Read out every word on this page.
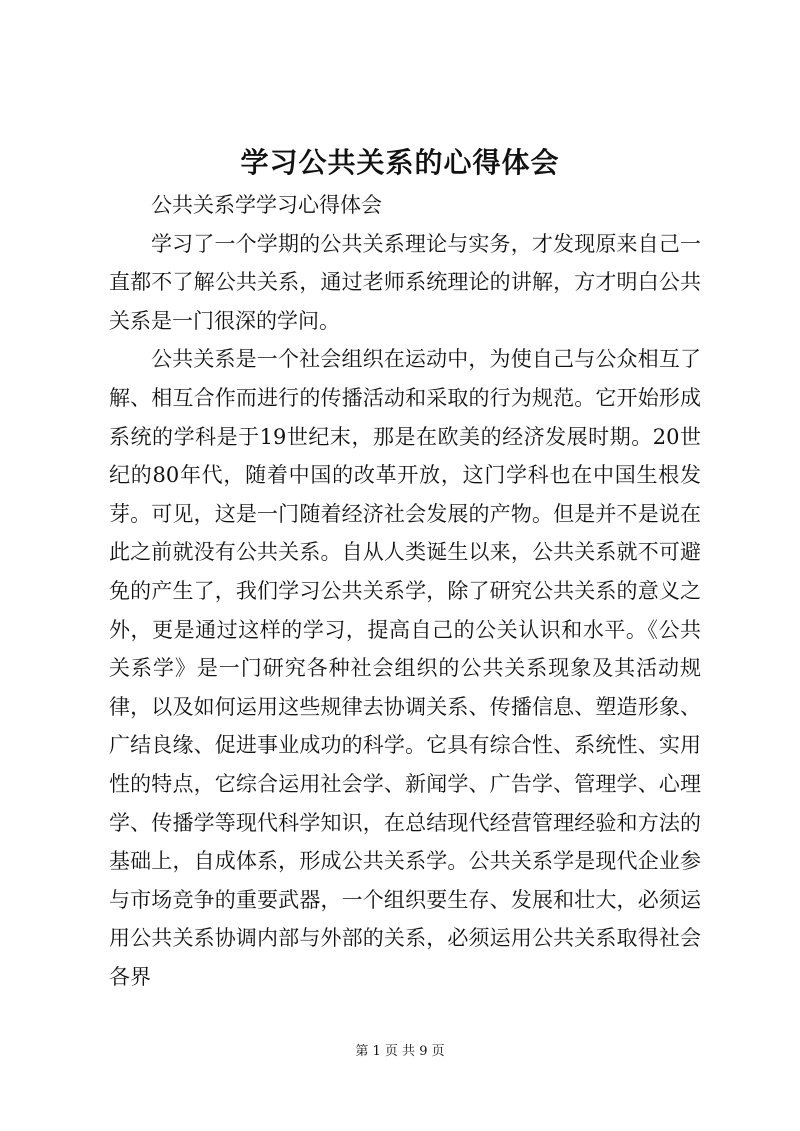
学习公共关系的心得体会

公共关系学学习心得体会

学习了一个学期的公共关系理论与实务，才发现原来自己一直都不了解公共关系，通过老师系统理论的讲解，方才明白公共关系是一门很深的学问。

公共关系是一个社会组织在运动中，为使自己与公众相互了解、相互合作而进行的传播活动和采取的行为规范。它开始形成系统的学科是于19世纪末，那是在欧美的经济发展时期。20世纪的80年代，随着中国的改革开放，这门学科也在中国生根发芽。可见，这是一门随着经济社会发展的产物。但是并不是说在此之前就没有公共关系。自从人类诞生以来，公共关系就不可避免的产生了，我们学习公共关系学，除了研究公共关系的意义之外，更是通过这样的学习，提高自己的公关认识和水平。《公共关系学》是一门研究各种社会组织的公共关系现象及其活动规律，以及如何运用这些规律去协调关系、传播信息、塑造形象、广结良缘、促进事业成功的科学。它具有综合性、系统性、实用性的特点，它综合运用社会学、新闻学、广告学、管理学、心理学、传播学等现代科学知识，在总结现代经营管理经验和方法的基础上，自成体系，形成公共关系学。公共关系学是现代企业参与市场竞争的重要武器，一个组织要生存、发展和壮大，必须运用公共关系协调内部与外部的关系，必须运用公共关系取得社会各界

第 1 页 共 9 页
